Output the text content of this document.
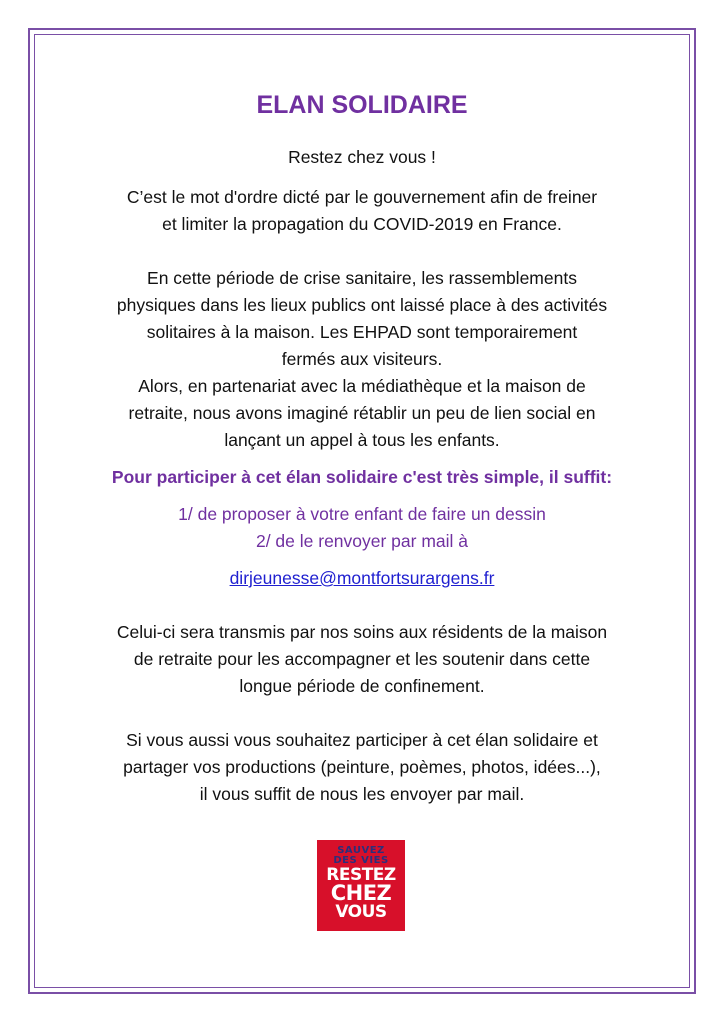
ELAN SOLIDAIRE

Restez chez vous !

C’est le mot d'ordre dicté par le gouvernement afin de freiner

et limiter la propagation du COVID-2019 en France.

En cette période de crise sanitaire, les rassemblements

physiques dans les lieux publics ont laissé place à des activités

solitaires à la maison. Les EHPAD sont temporairement

fermés aux visiteurs.

Alors, en partenariat avec la médiathèque et la maison de

retraite, nous avons imaginé rétablir un peu de lien social en

lançant un appel à tous les enfants.

Pour participer à cet élan solidaire c'est très simple, il suffit:

1/ de proposer à votre enfant de faire un dessin

2/ de le renvoyer par mail à

dirjeunesse@montfortsurargens.fr

Celui-ci sera transmis par nos soins aux résidents de la maison

de retraite pour les accompagner et les soutenir dans cette

longue période de confinement.

Si vous aussi vous souhaitez participer à cet élan solidaire et

partager vos productions (peinture, poèmes, photos, idées...),

il vous suffit de nous les envoyer par mail.

SAUVEZ
DES VIES
RESTEZ
CHEZ
VOUS
